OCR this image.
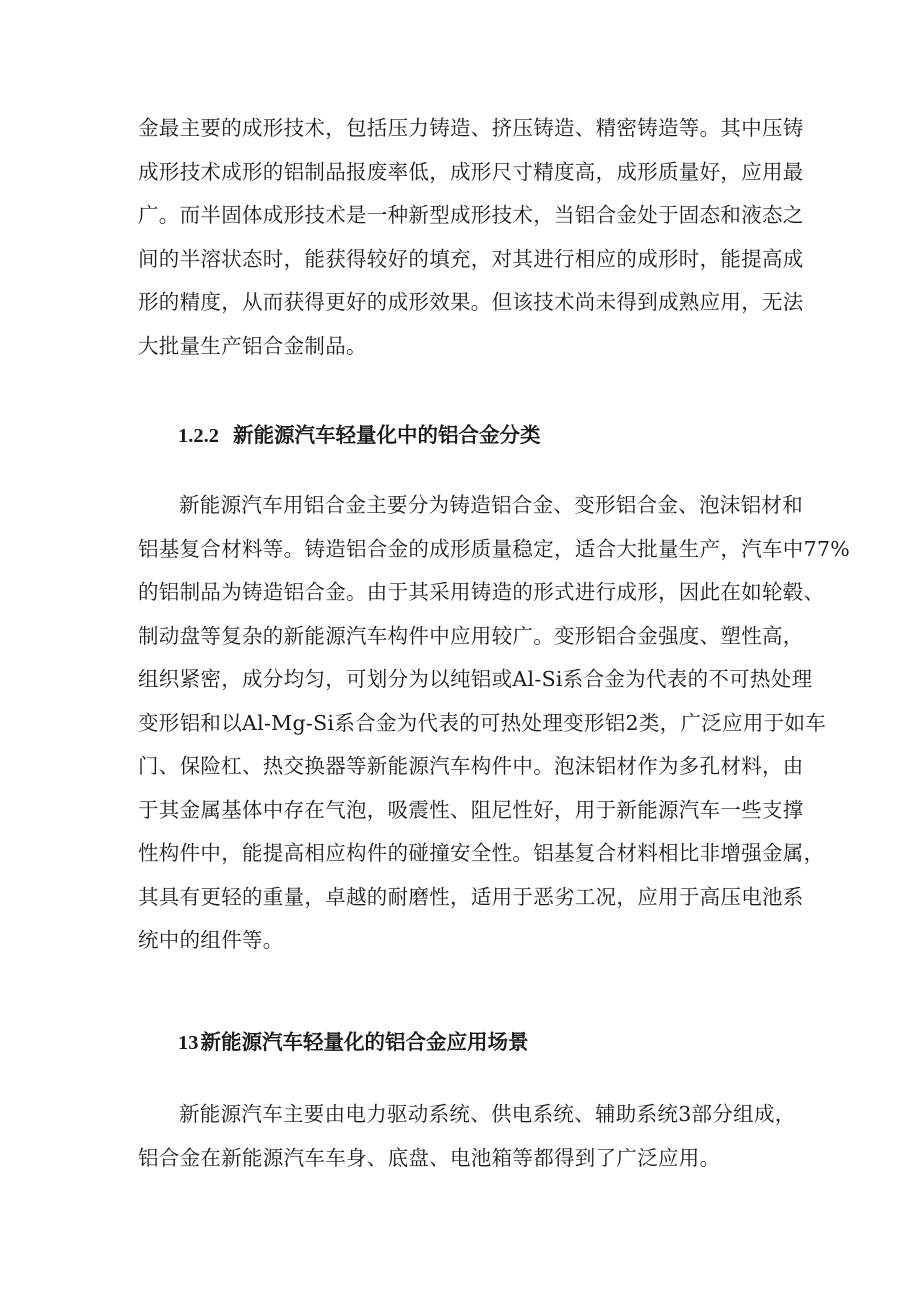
金最主要的成形技术，包括压力铸造、挤压铸造、精密铸造等。其中压铸
成形技术成形的铝制品报废率低，成形尺寸精度高，成形质量好，应用最
广。而半固体成形技术是一种新型成形技术，当铝合金处于固态和液态之
间的半溶状态时，能获得较好的填充，对其进行相应的成形时，能提高成
形的精度，从而获得更好的成形效果。但该技术尚未得到成熟应用，无法
大批量生产铝合金制品。

1.2.2 新能源汽车轻量化中的铝合金分类

新能源汽车用铝合金主要分为铸造铝合金、变形铝合金、泡沫铝材和
铝基复合材料等。铸造铝合金的成形质量稳定，适合大批量生产，汽车中77%
的铝制品为铸造铝合金。由于其采用铸造的形式进行成形，因此在如轮毂、
制动盘等复杂的新能源汽车构件中应用较广。变形铝合金强度、塑性高，
组织紧密，成分均匀，可划分为以纯铝或Al-Si系合金为代表的不可热处理
变形铝和以Al-Mg-Si系合金为代表的可热处理变形铝2类，广泛应用于如车
门、保险杠、热交换器等新能源汽车构件中。泡沫铝材作为多孔材料，由
于其金属基体中存在气泡，吸震性、阻尼性好，用于新能源汽车一些支撑
性构件中，能提高相应构件的碰撞安全性。铝基复合材料相比非增强金属，
其具有更轻的重量，卓越的耐磨性，适用于恶劣工况，应用于高压电池系
统中的组件等。

13新能源汽车轻量化的铝合金应用场景

新能源汽车主要由电力驱动系统、供电系统、辅助系统3部分组成，
铝合金在新能源汽车车身、底盘、电池箱等都得到了广泛应用。
